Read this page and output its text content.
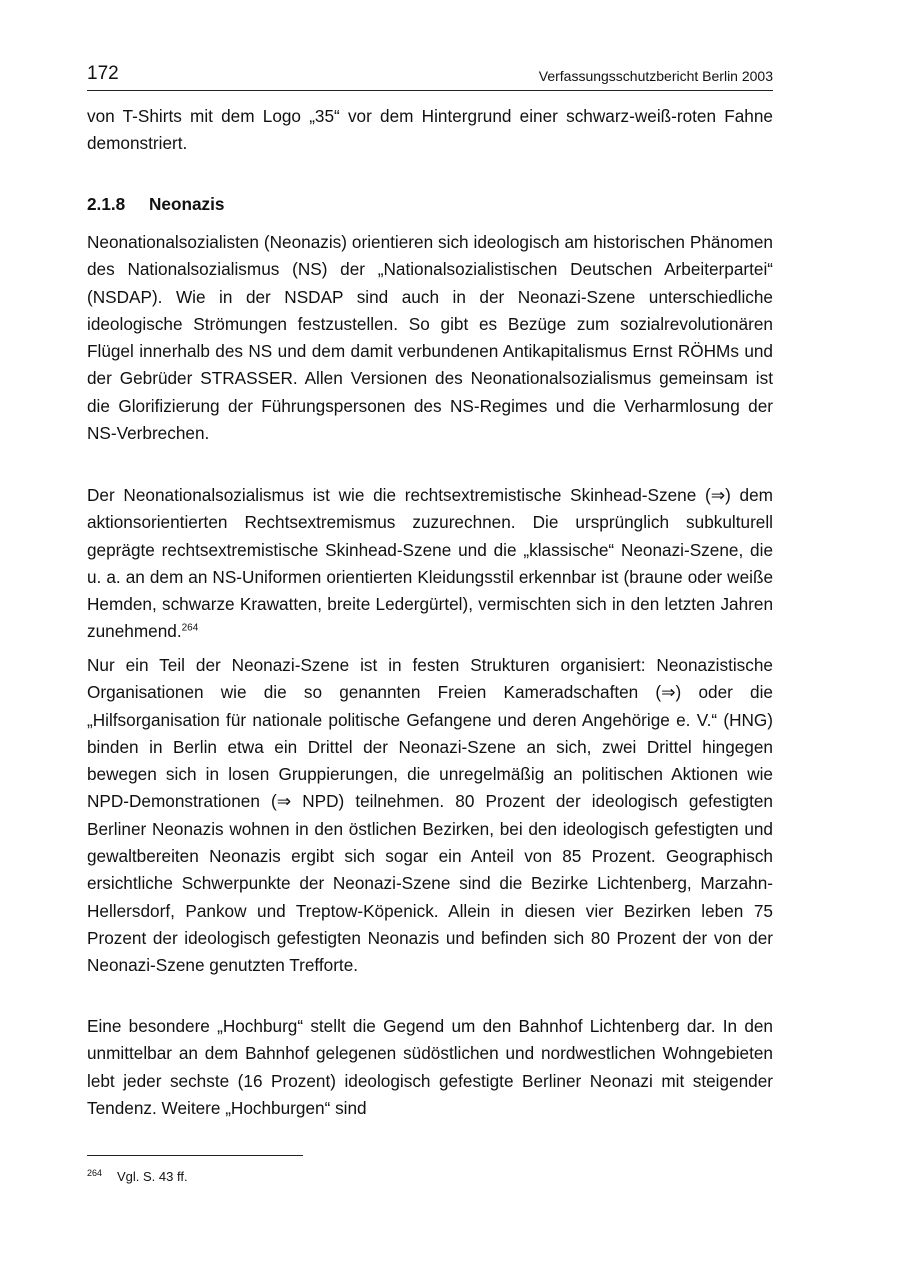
172	Verfassungsschutzbericht Berlin 2003

von T-Shirts mit dem Logo „35“ vor dem Hintergrund einer schwarz-weiß-roten Fahne demonstriert.

2.1.8 Neonazis

Neonationalsozialisten (Neonazis) orientieren sich ideologisch am historischen Phänomen des Nationalsozialismus (NS) der „Nationalsozialistischen Deutschen Arbeiterpartei“ (NSDAP). Wie in der NSDAP sind auch in der Neonazi-Szene unterschiedliche ideologische Strömungen festzustellen. So gibt es Bezüge zum sozialrevolutionären Flügel innerhalb des NS und dem damit verbundenen Antikapitalismus Ernst RÖHMs und der Gebrüder STRASSER. Allen Versionen des Neonationalsozialismus gemeinsam ist die Glorifizierung der Führungspersonen des NS-Regimes und die Verharmlosung der NS-Verbrechen.

Der Neonationalsozialismus ist wie die rechtsextremistische Skinhead-Szene (⇒) dem aktionsorientierten Rechtsextremismus zuzurechnen. Die ursprünglich subkulturell geprägte rechtsextremistische Skinhead-Szene und die „klassische“ Neonazi-Szene, die u. a. an dem an NS-Uniformen orientierten Kleidungsstil erkennbar ist (braune oder weiße Hemden, schwarze Krawatten, breite Ledergürtel), vermischten sich in den letzten Jahren zunehmend.$^{264}$

Nur ein Teil der Neonazi-Szene ist in festen Strukturen organisiert: Neonazistische Organisationen wie die so genannten Freien Kameradschaften (⇒) oder die „Hilfsorganisation für nationale politische Gefangene und deren Angehörige e. V.“ (HNG) binden in Berlin etwa ein Drittel der Neonazi-Szene an sich, zwei Drittel hingegen bewegen sich in losen Gruppierungen, die unregelmäßig an politischen Aktionen wie NPD-Demonstrationen (⇒ NPD) teilnehmen. 80 Prozent der ideologisch gefestigten Berliner Neonazis wohnen in den östlichen Bezirken, bei den ideologisch gefestigten und gewaltbereiten Neonazis ergibt sich sogar ein Anteil von 85 Prozent. Geographisch ersichtliche Schwerpunkte der Neonazi-Szene sind die Bezirke Lichtenberg, Marzahn-Hellersdorf, Pankow und Treptow-Köpenick. Allein in diesen vier Bezirken leben 75 Prozent der ideologisch gefestigten Neonazis und befinden sich 80 Prozent der von der Neonazi-Szene genutzten Trefforte.

Eine besondere „Hochburg“ stellt die Gegend um den Bahnhof Lichtenberg dar. In den unmittelbar an dem Bahnhof gelegenen südöstlichen und nordwestlichen Wohngebieten lebt jeder sechste (16 Prozent) ideologisch gefestigte Berliner Neonazi mit steigender Tendenz. Weitere „Hochburgen“ sind

264 Vgl. S. 43 ff.
